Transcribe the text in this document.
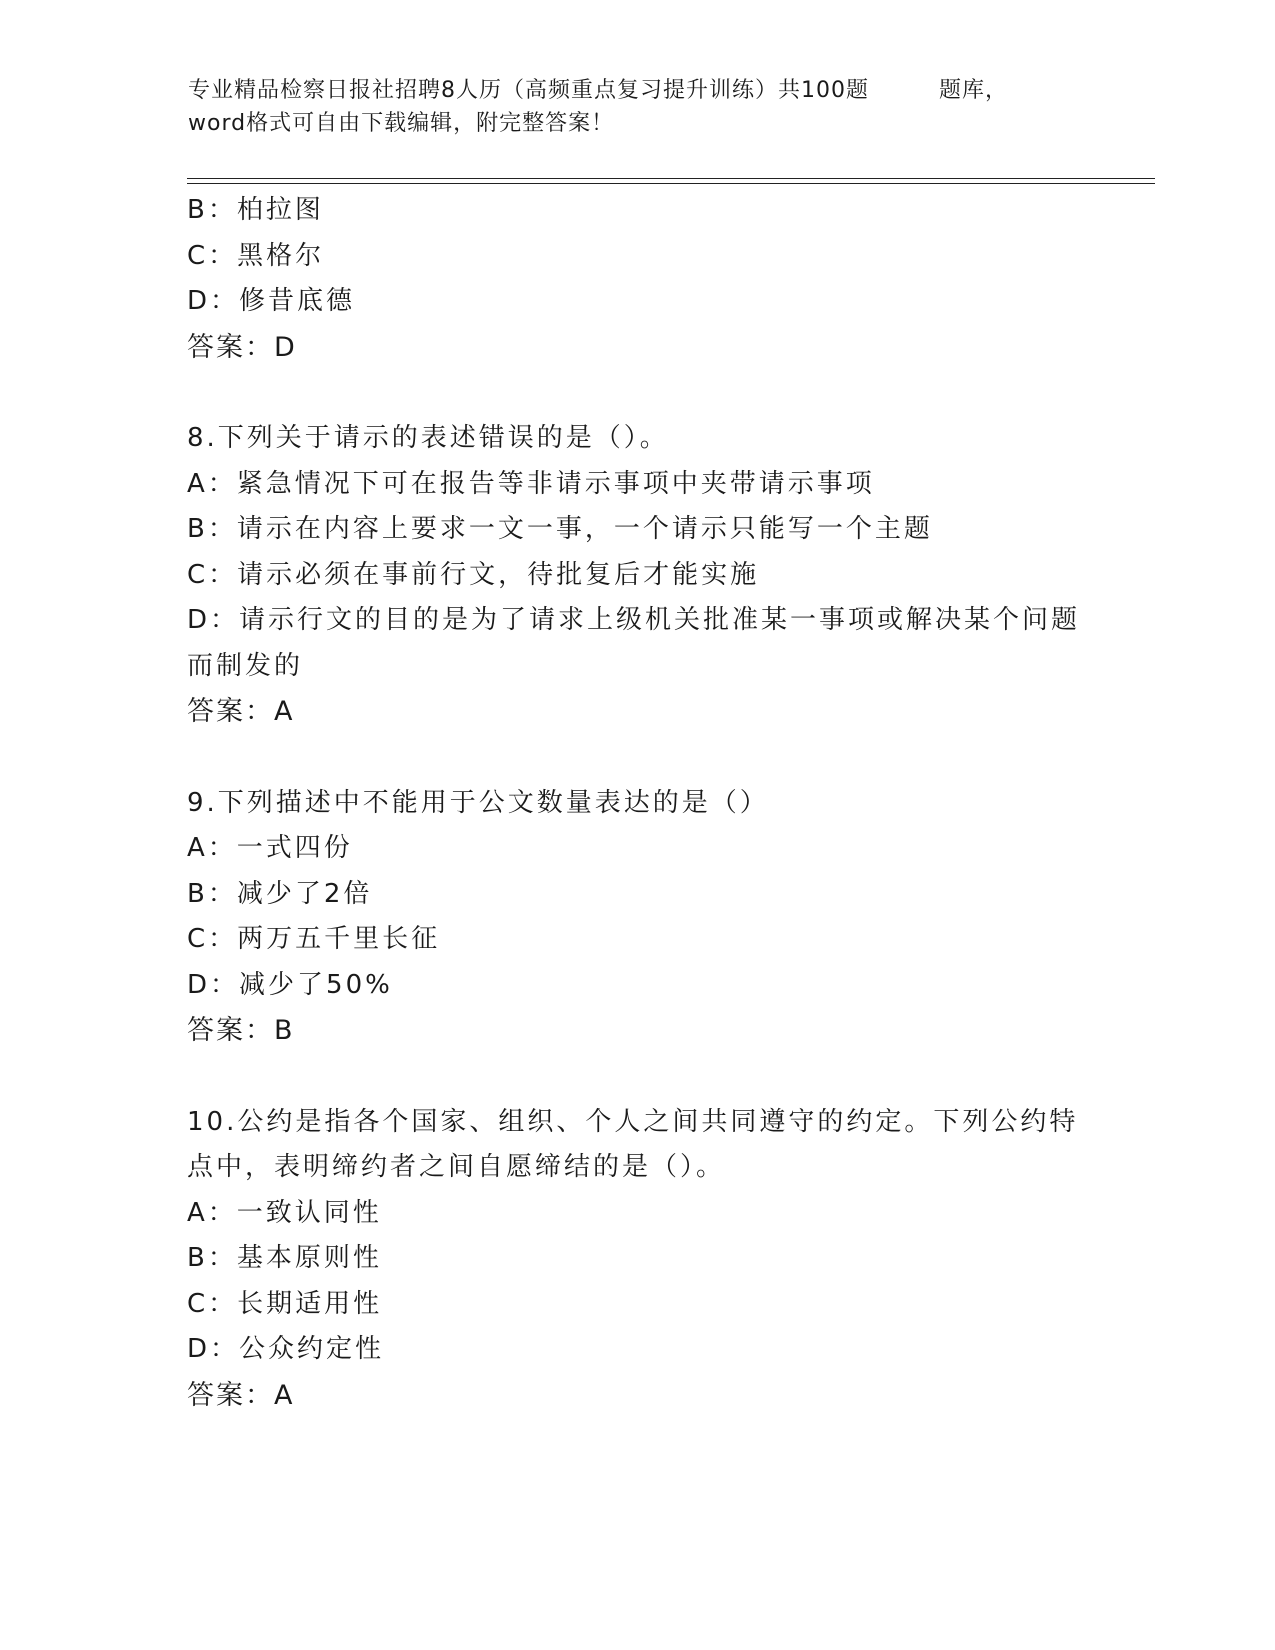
专业精品检察日报社招聘8人历（高频重点复习提升训练）共100题	题库，
word格式可自由下载编辑，附完整答案！
B：柏拉图
C：黑格尔
D：修昔底德
答案：D
8.下列关于请示的表述错误的是（）。
A：紧急情况下可在报告等非请示事项中夹带请示事项
B：请示在内容上要求一文一事，一个请示只能写一个主题
C：请示必须在事前行文，待批复后才能实施
D：请示行文的目的是为了请求上级机关批准某一事项或解决某个问题
而制发的
答案：A
9.下列描述中不能用于公文数量表达的是（）
A：一式四份
B：减少了2倍
C：两万五千里长征
D：减少了50%
答案：B
10.公约是指各个国家、组织、个人之间共同遵守的约定。下列公约特
点中，表明缔约者之间自愿缔结的是（）。
A：一致认同性
B：基本原则性
C：长期适用性
D：公众约定性
答案：A
